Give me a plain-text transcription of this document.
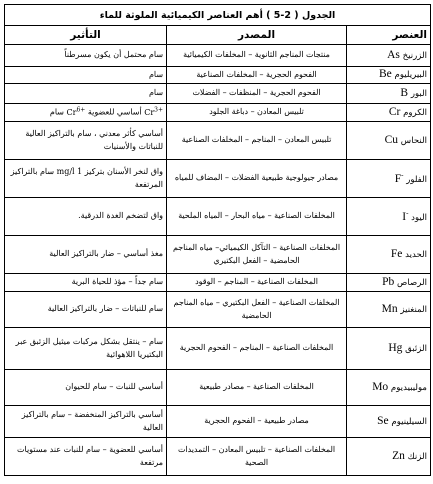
الجدول ( 2-5 ) أهم العناصر الكيميائية الملوثة للماء		
العنصر	المصدر	التأثير
الزرنيخ As	منتجات المناجم الثانوية – المخلفات الكيميائية	سام محتمل أن يكون مسرطناً
البيريليوم Be	الفحوم الحجرية – المخلفات الصناعية	سام
البور B	الفحوم الحجرية – المنظفات – الفضلات	سام
الكروم Cr	تلبيس المعادن – دباغة الجلود	$Cr^{3+}$ أساسي للعضوية $Cr^{6+}$ سام
النحاس Cu	تلبيس المعادن – المناجم – المخلفات الصناعية	أساسي كأثر معدني ، سام بالتراكيز العالية للنباتات والأسنيات
الفلور F-	مصادر جيولوجية طبيعية الفضلات – المضاف للمياه	واق لنخر الأسنان بتركيز 1 mg/l سام بالتراكيز المرتفعة
اليود I-	المخلفات الصناعية – مياه البحار – المياه الملحية	واق لتضخم الغدة الدرقية.
الحديد Fe	المخلفات الصناعية – التآكل الكيميائي– مياه المناجم الحامضية – الفعل البكتيري	مغذ أساسي – ضار بالتراكيز العالية
الرصاص Pb	المخلفات الصناعية – المناجم – الوقود	سام جداً – مؤذ للحياة البرية
المنغنيز Mn	المخلفات الصناعية – الفعل البكتيري – مياه المناجم الحامضية	سام للنباتات – ضار بالتراكيز العالية
الزئبق Hg	المخلفات الصناعية – المناجم – الفحوم الحجرية	سام – ينتقل بشكل مركبات ميثيل الزئبق عبر البكتيريا اللاهوائية
موليبيديوم Mo	المخلفات الصناعية – مصادر طبيعية	أساسي للنبات – سام للحيوان
السيلينيوم Se	مصادر طبيعية – الفحوم الحجرية	أساسي بالتراكيز المنخفضة – سام بالتراكيز العالية
الزنك Zn	المخلفات الصناعية – تلبيس المعادن – التمديدات الصحية	أساسي للعضوية – سام للنبات عند مستويات مرتفعة
